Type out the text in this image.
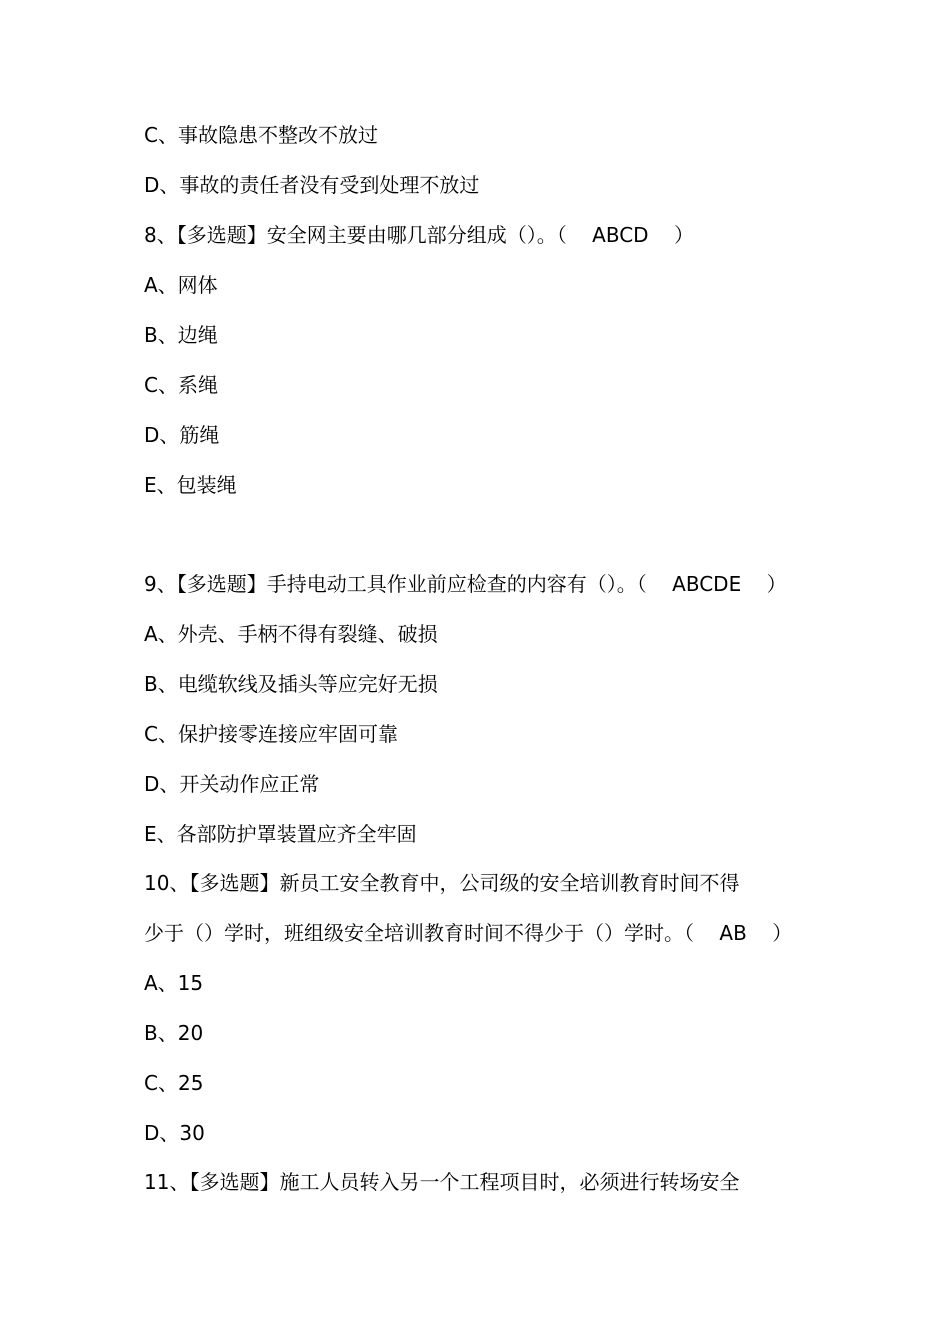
C、事故隐患不整改不放过
D、事故的责任者没有受到处理不放过
8、【多选题】安全网主要由哪几部分组成（）。（    ABCD    ）
A、网体
B、边绳
C、系绳
D、筋绳
E、包装绳
9、【多选题】手持电动工具作业前应检查的内容有（）。（    ABCDE    ）
A、外壳、手柄不得有裂缝、破损
B、电缆软线及插头等应完好无损
C、保护接零连接应牢固可靠
D、开关动作应正常
E、各部防护罩装置应齐全牢固
10、【多选题】新员工安全教育中，公司级的安全培训教育时间不得
少于（）学时，班组级安全培训教育时间不得少于（）学时。（    AB    ）
A、15
B、20
C、25
D、30
11、【多选题】施工人员转入另一个工程项目时，必须进行转场安全
